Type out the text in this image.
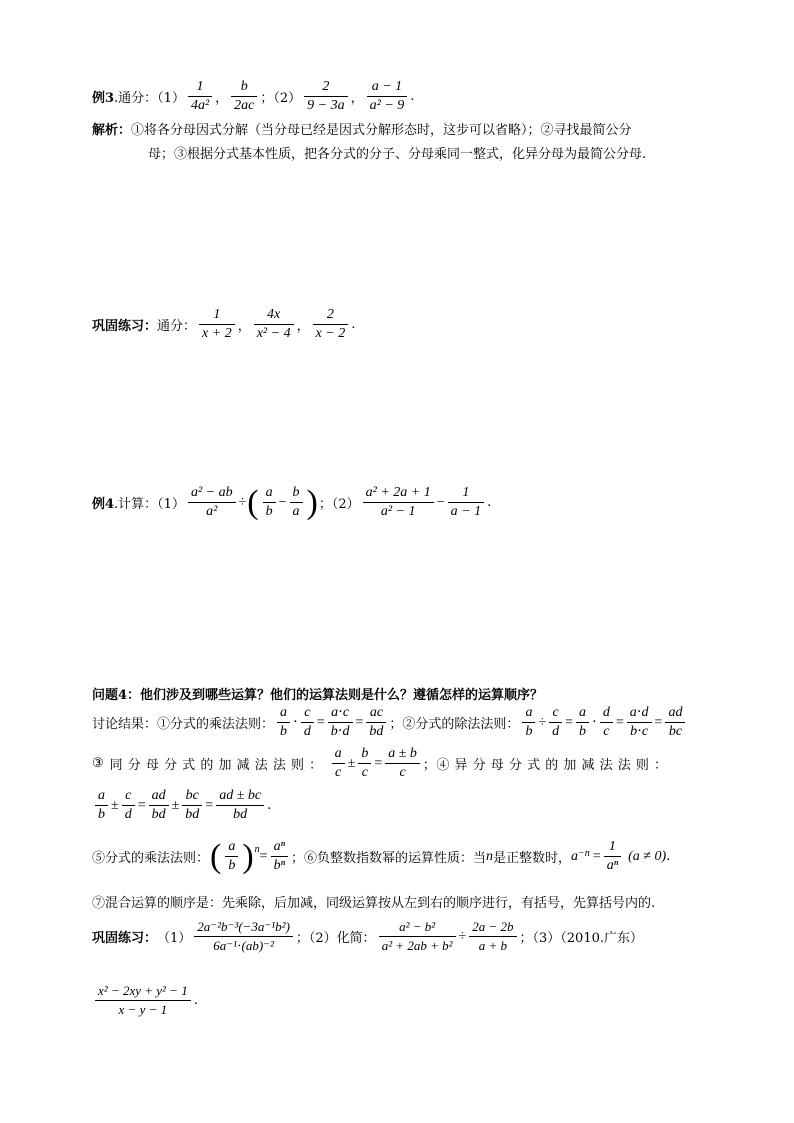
例3 .通分：$(1) \frac{1}{\text{4a²}}$ ， $\frac{b}{2ac}$ ；$(2) \frac{2}{9 - 3a}$ ， $\frac{a - 1}{\text{a² − 9}}$ .
解析：①将各分母因式分解（当分母已经是因式分解形态时，这步可以省略）；②寻找最简公分
母；③根据分式基本性质，把各分式的分子、分母乘同一整式，化异分母为最简公分母.
巩固练习： 通分： $\frac{1}{x + 2}$ ， $\frac{4x}{\text{x² − 4}}$ ， $\frac{2}{x - 2}$ .
例4 .计算：$(1) \frac{\text{a² − ab}}{\text{a²}}$ ÷ ( $\frac{a}{b} - \frac{b}{a}$ ) ；$(2) \frac{\text{a² + 2a + 1}}{\text{a² − 1}} - \frac{1}{a - 1}$ .
问题4： 他们涉及到哪些运算？他们的运算法则是什么？遵循怎样的运算顺序？
讨论结果：①分式的乘法法则： $\frac{a}{b} \cdot \frac{c}{d} = \frac{a\cdot c}{b\cdot d} = \frac{ac}{bd}$ ；②分式的除法法则： $\frac{a}{b} \div \frac{c}{d} = \frac{a}{b} \cdot \frac{d}{c} = \frac{a\cdot d}{b\cdot c} = \frac{ad}{bc}$
③ 同 分 母 分 式 的 加 减 法 法 则 ： $\frac{a}{c} \pm \frac{b}{c} = \frac{a \pm b}{c}$ ；④ 异 分 母 分 式 的 加 减 法 法 则 ：
$\frac{a}{b} \pm \frac{c}{d} = \frac{ad}{bd} \pm \frac{bc}{bd} = \frac{ad \pm bc}{bd}$ .
⑤分式的乘法法则： ( $\frac{a}{b} )^n = \frac{\text{aⁿ}}{\text{bⁿ}}$ ；⑥负整数指数幂的运算性质：当 n 是正整数时， $a^{-n} = \frac{1}{\text{aⁿ}} (a \ne 0)$ .
⑦混合运算的顺序是：先乘除，后加减，同级运算按从左到右的顺序进行，有括号，先算括号内的.
巩固练习： $(1) \frac{\text{2a⁻²b⁻³(−3a⁻¹b²)}}{\text{6a⁻¹⋅(ab)⁻²}}$ ；（2）化简： $\frac{\text{a² − b²}}{\text{a² + 2ab + b²}} \div \frac{2a - 2b}{a + b}$ ；（3）（2010.广东）
$\frac{\text{x² − 2xy + y² − 1}}{x - y - 1}$ .
